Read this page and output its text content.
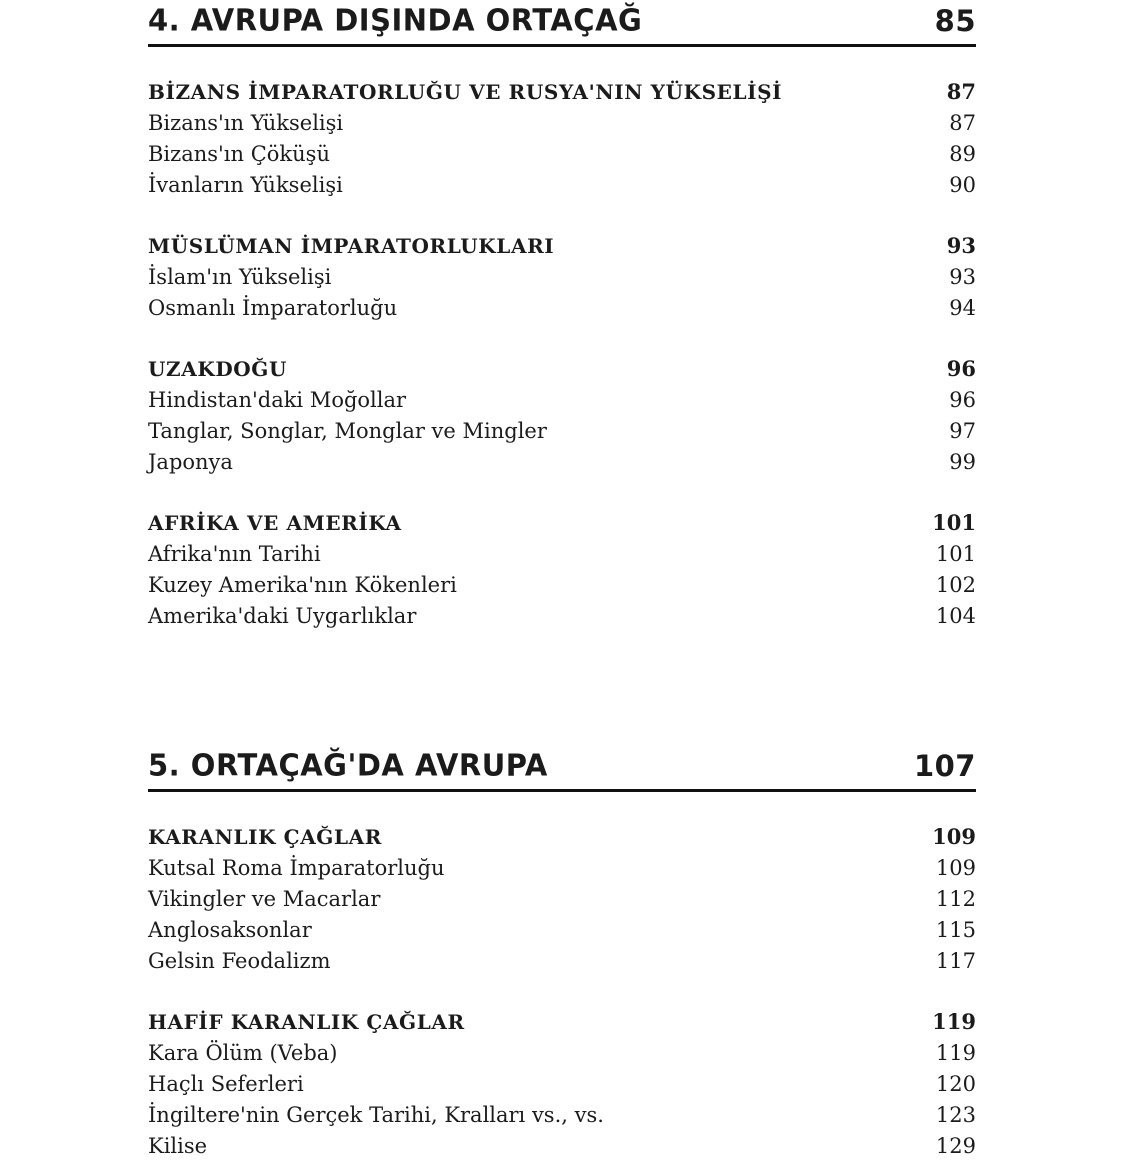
4. AVRUPA DIŞINDA ORTAÇAĞ	85
BİZANS İMPARATORLUĞU VE RUSYA'NIN YÜKSELİŞİ	87
Bizans'ın Yükselişi	87
Bizans'ın Çöküşü	89
İvanların Yükselişi	90
MÜSLÜMAN İMPARATORLUKLARI	93
İslam'ın Yükselişi	93
Osmanlı İmparatorluğu	94
UZAKDOĞU	96
Hindistan'daki Moğollar	96
Tanglar, Songlar, Monglar ve Mingler	97
Japonya	99
AFRİKA VE AMERİKA	101
Afrika'nın Tarihi	101
Kuzey Amerika'nın Kökenleri	102
Amerika'daki Uygarlıklar	104
5. ORTAÇAĞ'DA AVRUPA	107
KARANLIK ÇAĞLAR	109
Kutsal Roma İmparatorluğu	109
Vikingler ve Macarlar	112
Anglosaksonlar	115
Gelsin Feodalizm	117
HAFİF KARANLIK ÇAĞLAR	119
Kara Ölüm (Veba)	119
Haçlı Seferleri	120
İngiltere'nin Gerçek Tarihi, Kralları vs., vs.	123
Kilise	129
